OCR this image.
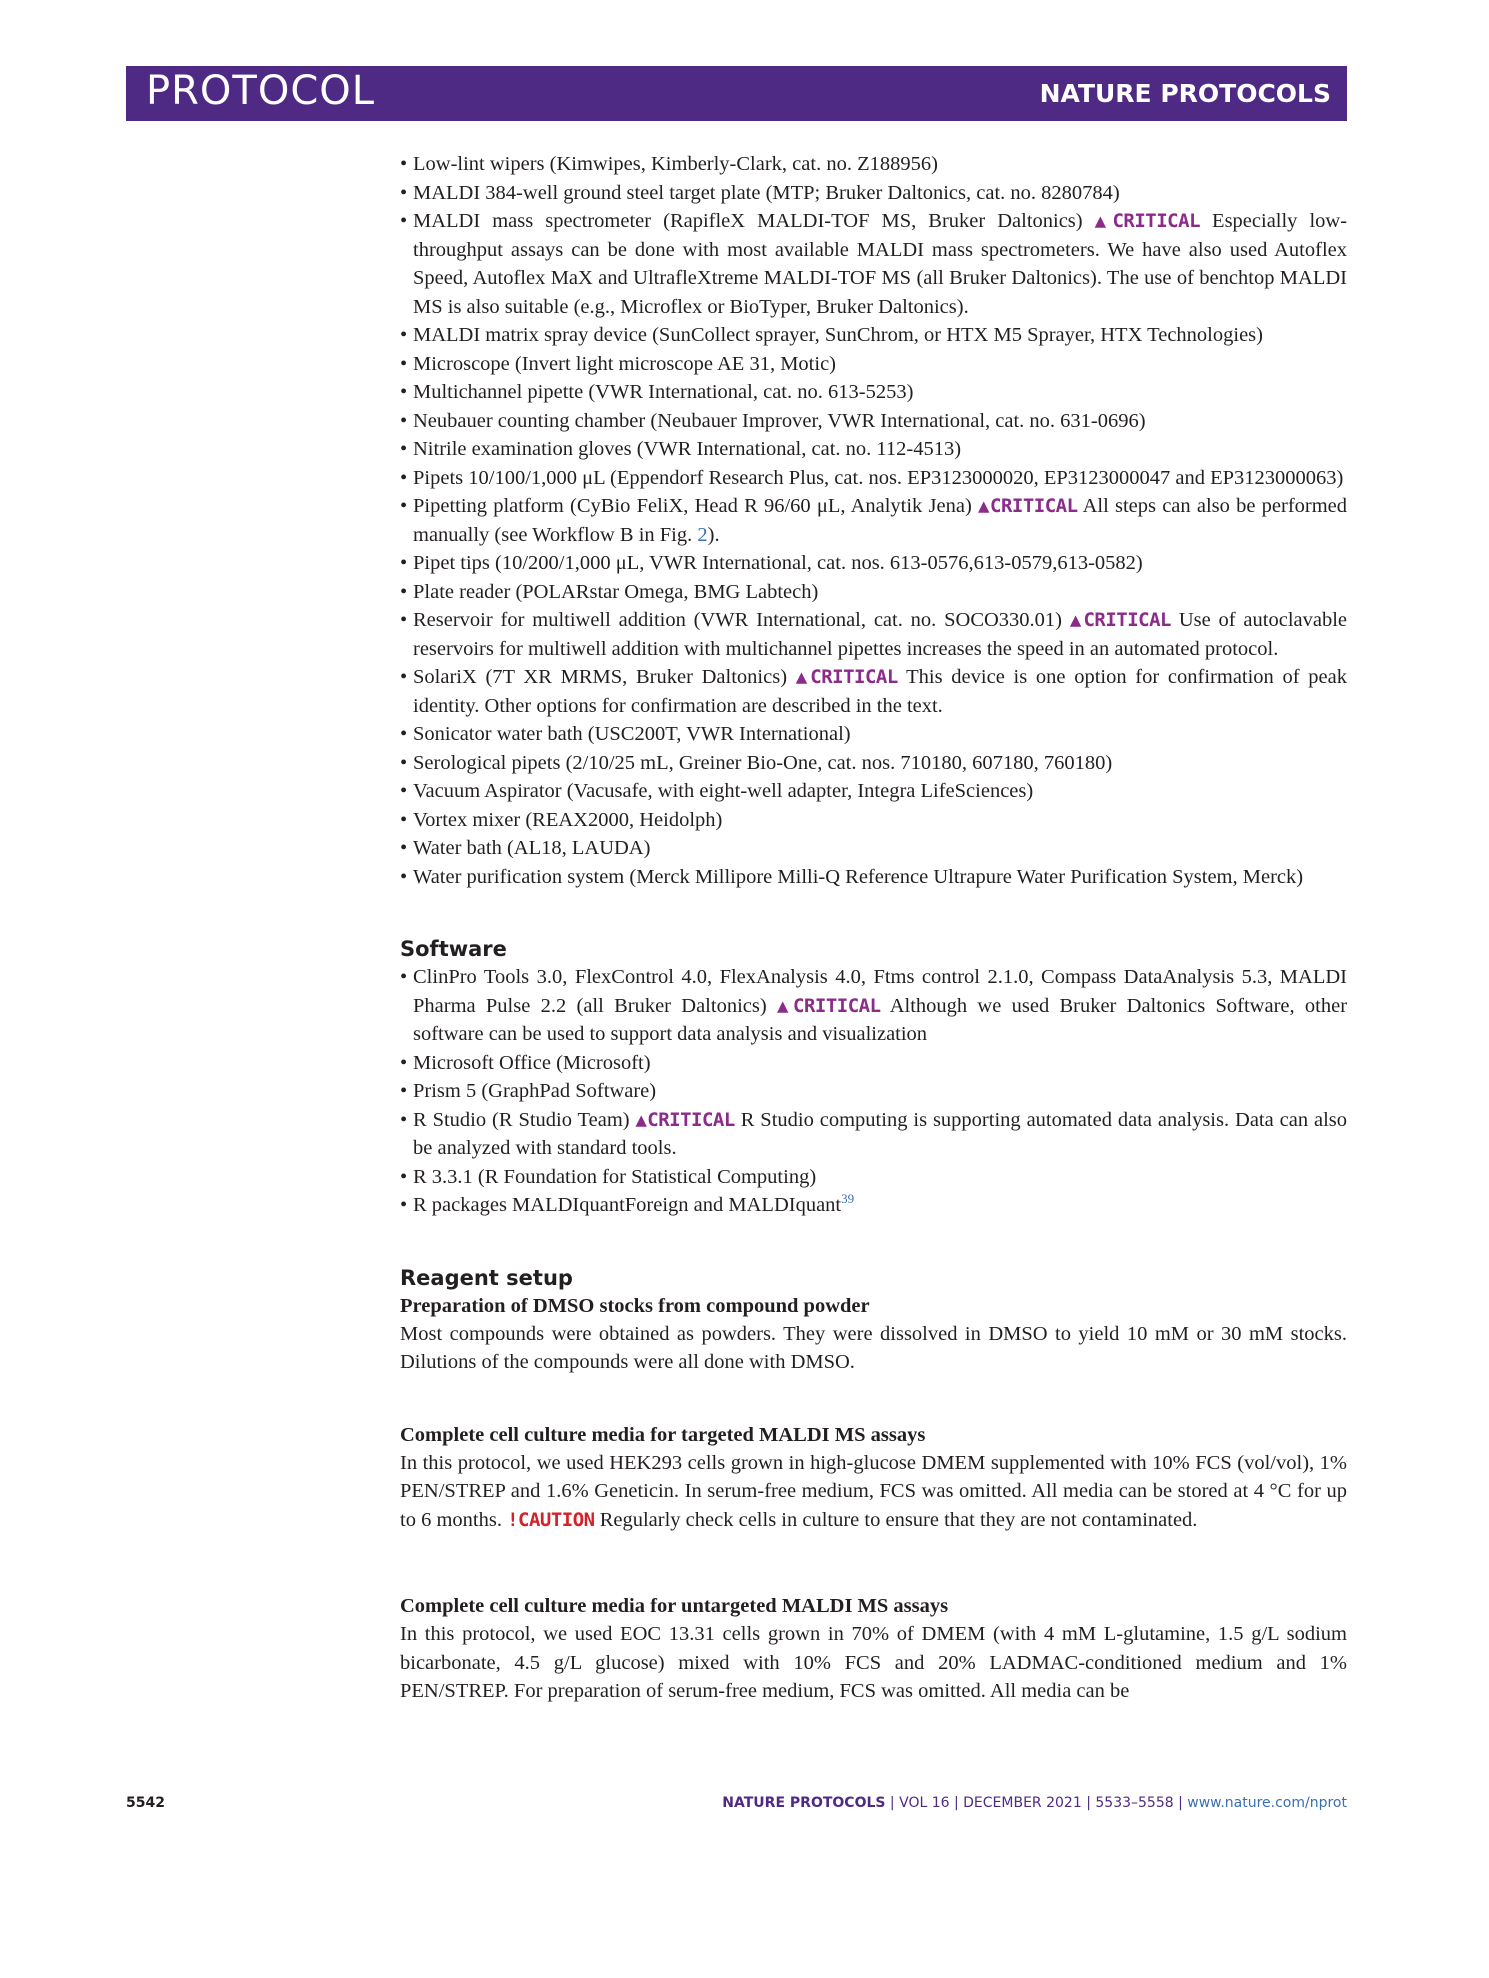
PROTOCOL	NATURE PROTOCOLS
• Low-lint wipers (Kimwipes, Kimberly-Clark, cat. no. Z188956)
• MALDI 384-well ground steel target plate (MTP; Bruker Daltonics, cat. no. 8280784)
• MALDI mass spectrometer (RapifleX MALDI-TOF MS, Bruker Daltonics) ▲CRITICAL Especially low-throughput assays can be done with most available MALDI mass spectrometers. We have also used Autoflex Speed, Autoflex MaX and UltrafleXtreme MALDI-TOF MS (all Bruker Daltonics). The use of benchtop MALDI MS is also suitable (e.g., Microflex or BioTyper, Bruker Daltonics).
• MALDI matrix spray device (SunCollect sprayer, SunChrom, or HTX M5 Sprayer, HTX Technologies)
• Microscope (Invert light microscope AE 31, Motic)
• Multichannel pipette (VWR International, cat. no. 613-5253)
• Neubauer counting chamber (Neubauer Improver, VWR International, cat. no. 631-0696)
• Nitrile examination gloves (VWR International, cat. no. 112-4513)
• Pipets 10/100/1,000 μL (Eppendorf Research Plus, cat. nos. EP3123000020, EP3123000047 and EP3123000063)
• Pipetting platform (CyBio FeliX, Head R 96/60 μL, Analytik Jena) ▲CRITICAL All steps can also be performed manually (see Workflow B in Fig. 2).
• Pipet tips (10/200/1,000 μL, VWR International, cat. nos. 613-0576,613-0579,613-0582)
• Plate reader (POLARstar Omega, BMG Labtech)
• Reservoir for multiwell addition (VWR International, cat. no. SOCO330.01) ▲CRITICAL Use of autoclavable reservoirs for multiwell addition with multichannel pipettes increases the speed in an automated protocol.
• SolariX (7T XR MRMS, Bruker Daltonics) ▲CRITICAL This device is one option for confirmation of peak identity. Other options for confirmation are described in the text.
• Sonicator water bath (USC200T, VWR International)
• Serological pipets (2/10/25 mL, Greiner Bio-One, cat. nos. 710180, 607180, 760180)
• Vacuum Aspirator (Vacusafe, with eight-well adapter, Integra LifeSciences)
• Vortex mixer (REAX2000, Heidolph)
• Water bath (AL18, LAUDA)
• Water purification system (Merck Millipore Milli-Q Reference Ultrapure Water Purification System, Merck)
Software
• ClinPro Tools 3.0, FlexControl 4.0, FlexAnalysis 4.0, Ftms control 2.1.0, Compass DataAnalysis 5.3, MALDI Pharma Pulse 2.2 (all Bruker Daltonics) ▲CRITICAL Although we used Bruker Daltonics Software, other software can be used to support data analysis and visualization
• Microsoft Office (Microsoft)
• Prism 5 (GraphPad Software)
• R Studio (R Studio Team) ▲CRITICAL R Studio computing is supporting automated data analysis. Data can also be analyzed with standard tools.
• R 3.3.1 (R Foundation for Statistical Computing)
• R packages MALDIquantForeign and MALDIquant$^{39}$
Reagent setup
Preparation of DMSO stocks from compound powder

Most compounds were obtained as powders. They were dissolved in DMSO to yield 10 mM or 30 mM stocks. Dilutions of the compounds were all done with DMSO.

Complete cell culture media for targeted MALDI MS assays

In this protocol, we used HEK293 cells grown in high-glucose DMEM supplemented with 10% FCS (vol/vol), 1% PEN/STREP and 1.6% Geneticin. In serum-free medium, FCS was omitted. All media can be stored at 4 °C for up to 6 months. !CAUTION Regularly check cells in culture to ensure that they are not contaminated.

Complete cell culture media for untargeted MALDI MS assays

In this protocol, we used EOC 13.31 cells grown in 70% of DMEM (with 4 mM L-glutamine, 1.5 g/L sodium bicarbonate, 4.5 g/L glucose) mixed with 10% FCS and 20% LADMAC-conditioned medium and 1% PEN/STREP. For preparation of serum-free medium, FCS was omitted. All media can be

5542	NATURE PROTOCOLS | VOL 16 | DECEMBER 2021 | 5533–5558 | www.nature.com/nprot
